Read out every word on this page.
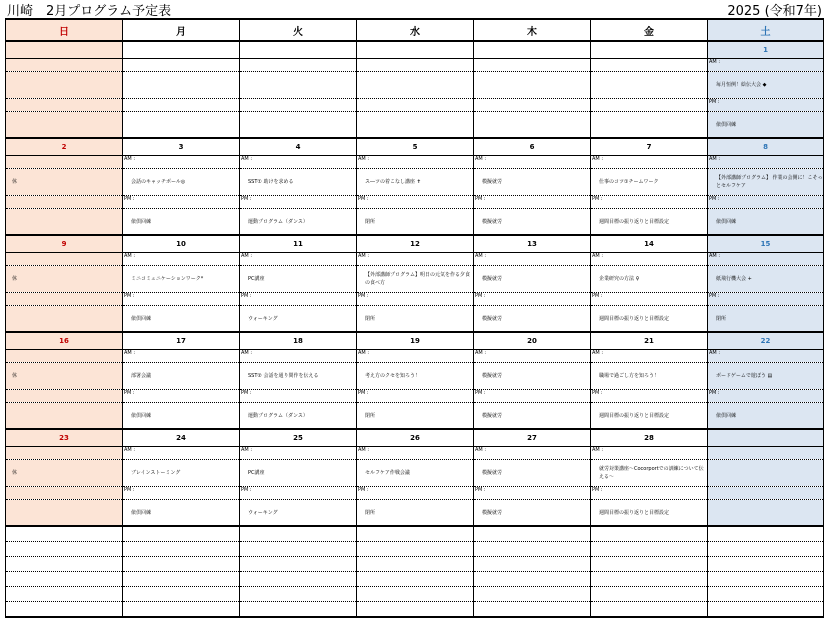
川崎　2月プログラム予定表	2025 (令和7年)
日	月	火	水	木	金	土
						1
						AM :
						毎月恒例！絵伝大会 ◆
						PM :
						俵倶回練
2	3	4	5	6	7	8
	AM :	AM :	AM :	AM :	AM :	AM :
休	会話のキャッチボール◎	SST① 助けを求める	ス―ツの着こなし講座 ✝	模擬就労	仕事のコツ①チームワーク	【外部講師プログラム】 作業の会開に！こそっとセルフケア
	PM :	PM :	PM :	PM :	PM :	PM :
	俵倶回練	運動プログラム（ダンス）	閉所	模擬就労	週間目標の振り返りと目標設定	俵倶回練
9	10	11	12	13	14	15
	AM :	AM :	AM :	AM :	AM :	AM :
休	ミニコミュニケーションワーク*	PC講座	【外部講師プログラム】明日の元気を作る夕食の食べ方	模擬就労	企業研究の方法 ♀	紙飛行機大会 +
	PM :	PM :	PM :	PM :	PM :	PM :
	俵倶回練	ウォーキング	閉所	模擬就労	週間目標の振り返りと目標設定	閉所
16	17	18	19	20	21	22
	AM :	AM :	AM :	AM :	AM :	AM :
休	部署会議	SST② 会話を通り問作を伝える	考え方のクセを知ろう！	模擬就労	職場で過ごし方を知ろう！	ボードゲームで遊ぼう ▤
	PM :	PM :	PM :	PM :	PM :	PM :
	俵倶回練	運動プログラム（ダンス）	閉所	模擬就労	週間目標の振り返りと目標設定	俵倶回練
23	24	25	26	27	28	
	AM :	AM :	AM :	AM :	AM :	
休	ブレインストーミング	PC講座	セルフケア作戦会議	模擬就労	就労対策講座〜Cocorportでの訓練について伝える〜	
	PM :	PM :	PM :	PM :	PM :	
	俵倶回練	ウォーキング	閉所	模擬就労	週間目標の振り返りと目標設定	
